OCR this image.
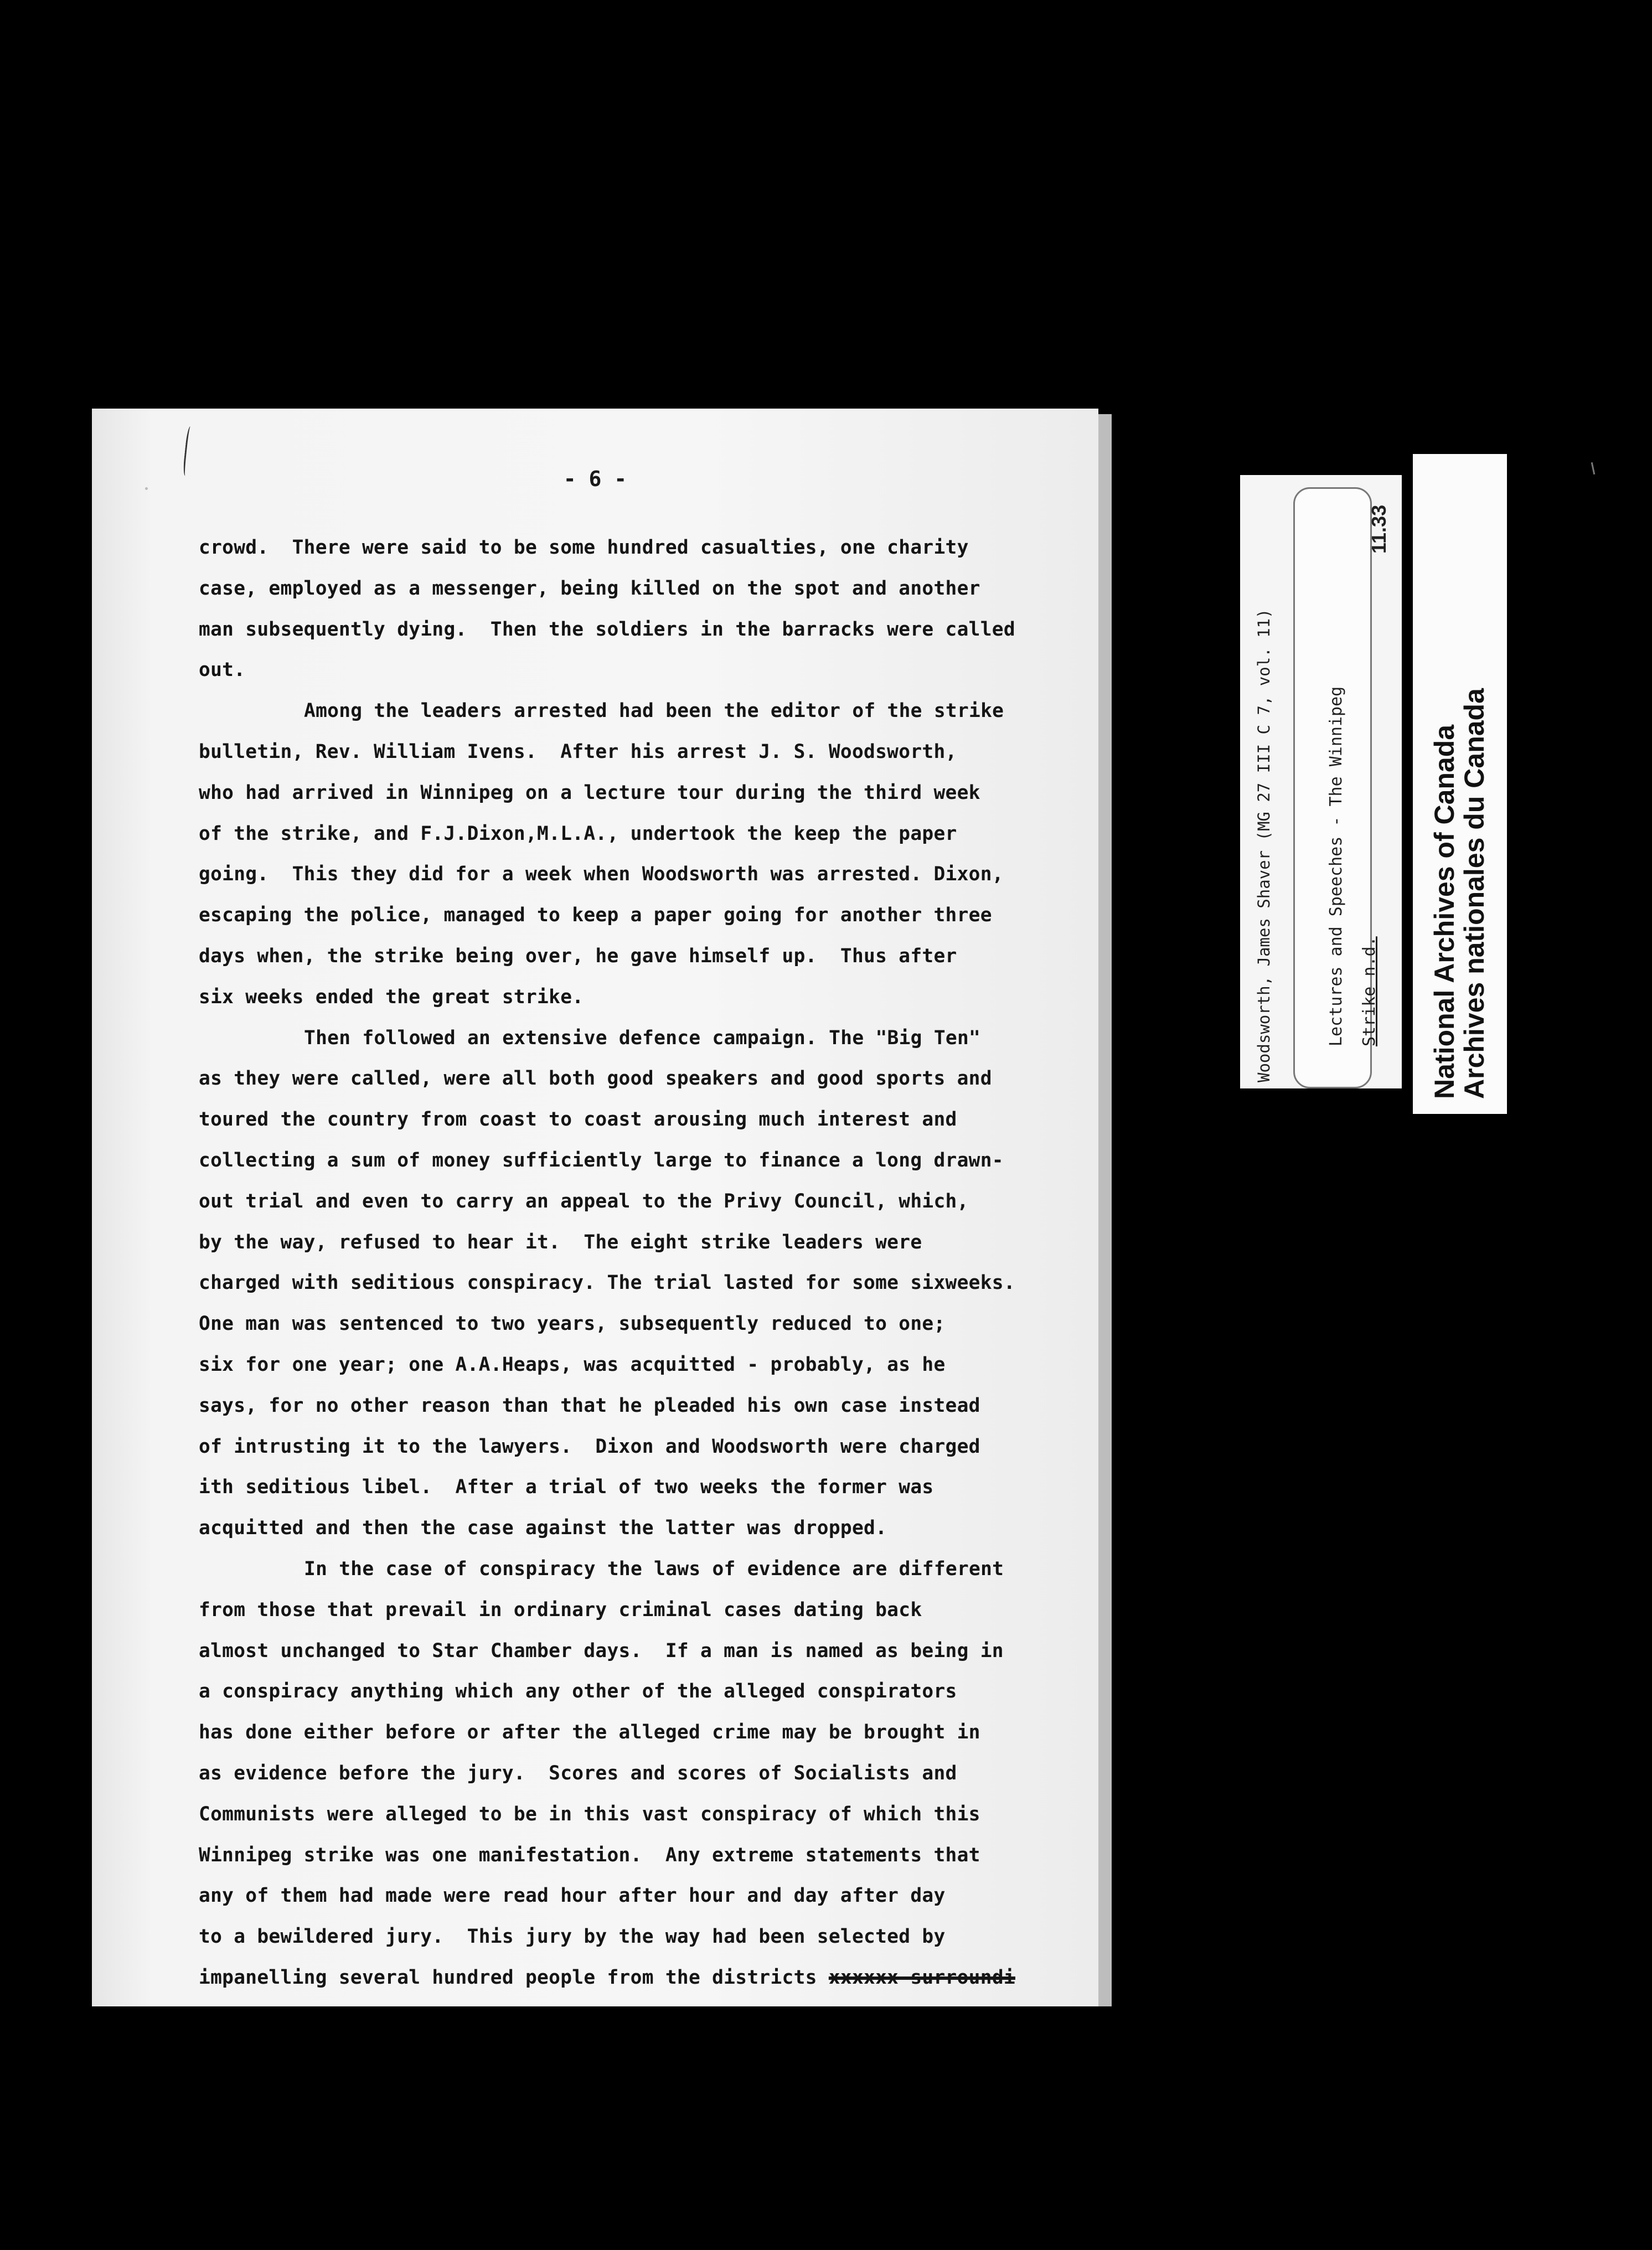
- 6 -
crowd.  There were said to be some hundred casualties, one charity
case, employed as a messenger, being killed on the spot and another
man subsequently dying.  Then the soldiers in the barracks were called
out.
Among the leaders arrested had been the editor of the strike
bulletin, Rev. William Ivens.  After his arrest J. S. Woodsworth,
who had arrived in Winnipeg on a lecture tour during the third week
of the strike, and F.J.Dixon,M.L.A., undertook the keep the paper
going.  This they did for a week when Woodsworth was arrested. Dixon,
escaping the police, managed to keep a paper going for another three
days when, the strike being over, he gave himself up.  Thus after
six weeks ended the great strike.
Then followed an extensive defence campaign. The "Big Ten"
as they were called, were all both good speakers and good sports and
toured the country from coast to coast arousing much interest and
collecting a sum of money sufficiently large to finance a long drawn-
out trial and even to carry an appeal to the Privy Council, which,
by the way, refused to hear it.  The eight strike leaders were
charged with seditious conspiracy. The trial lasted for some sixweeks.
One man was sentenced to two years, subsequently reduced to one;
six for one year; one A.A.Heaps, was acquitted - probably, as he
says, for no other reason than that he pleaded his own case instead
of intrusting it to the lawyers.  Dixon and Woodsworth were charged
ith seditious libel.  After a trial of two weeks the former was
acquitted and then the case against the latter was dropped.
In the case of conspiracy the laws of evidence are different
from those that prevail in ordinary criminal cases dating back
almost unchanged to Star Chamber days.  If a man is named as being in
a conspiracy anything which any other of the alleged conspirators
has done either before or after the alleged crime may be brought in
as evidence before the jury.  Scores and scores of Socialists and
Communists were alleged to be in this vast conspiracy of which this
Winnipeg strike was one manifestation.  Any extreme statements that
any of them had made were read hour after hour and day after day
to a bewildered jury.  This jury by the way had been selected by
impanelling several hundred people from the districts xxxxxx surroundi
Woodsworth, James Shaver (MG 27 III C 7, vol. 11)	Lectures and Speeches - The Winnipeg Strike n.d.
11.33
National Archives of Canada
Archives nationales du Canada
